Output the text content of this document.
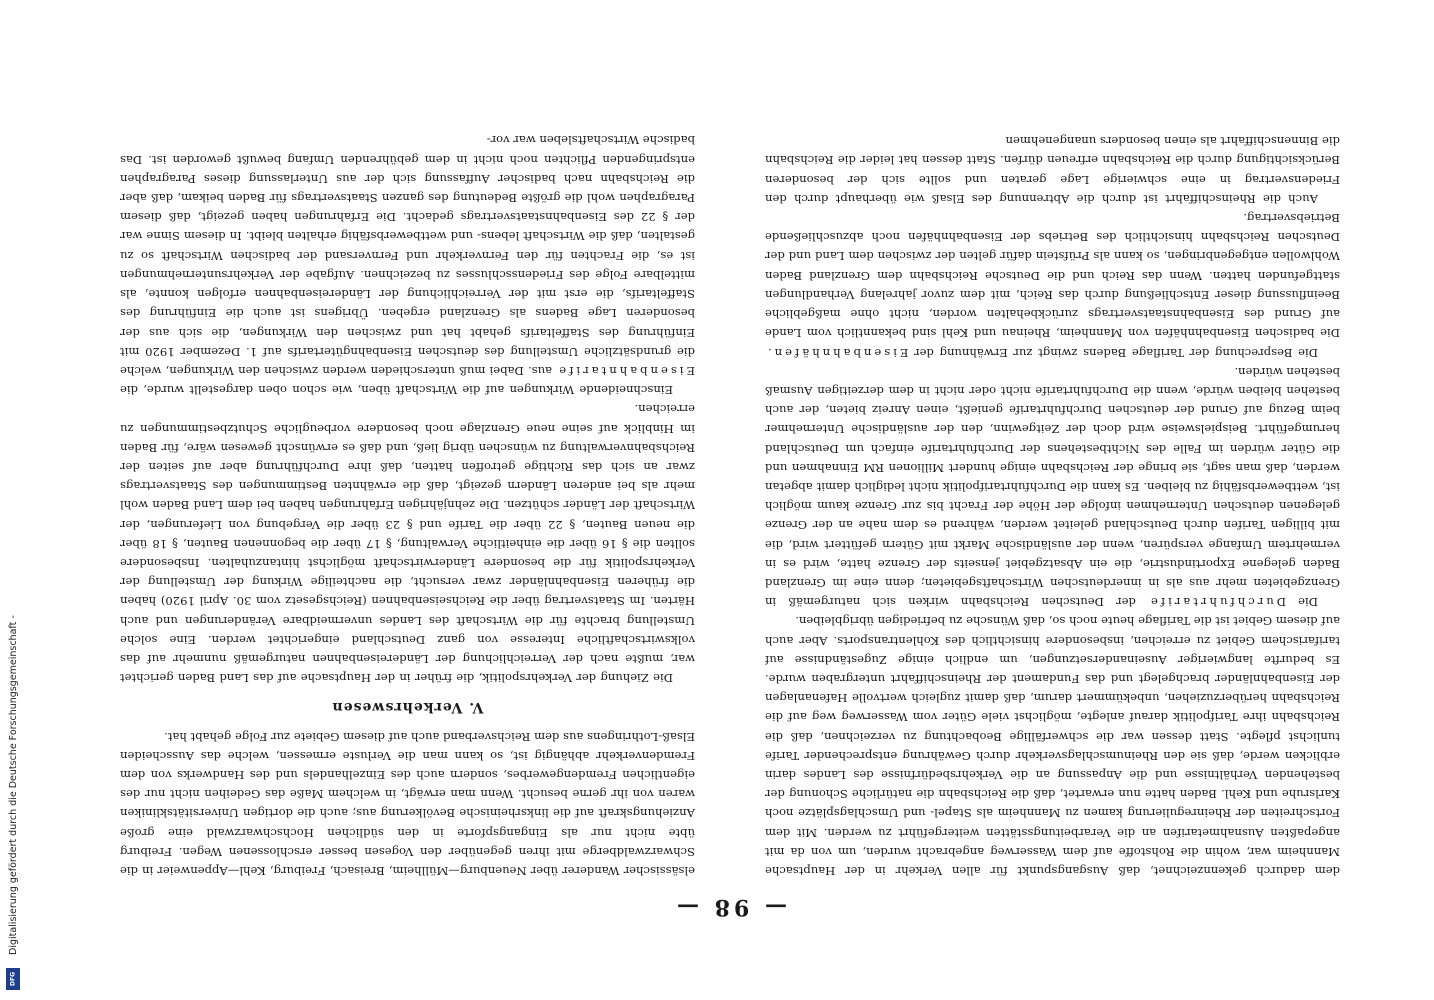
— 98 —

dem dadurch gekennzeichnet, daß Ausgangspunkt für allen Verkehr in der Hauptsache Mannheim war, wohin die Rohstoffe auf dem Wasserweg angebracht wurden, um von da mit angepaßten Ausnahmetarifen an die Verarbeitungsstätten weitergeführt zu werden. Mit dem Fortschreiten der Rheinregulierung kamen zu Mannheim als Stapel- und Umschlagsplätze noch Karlsruhe und Kehl. Baden hatte nun erwartet, daß die Reichsbahn die natürliche Schonung der bestehenden Verhältnisse und die Anpassung an die Verkehrsbedürfnisse des Landes darin erblicken werde, daß sie den Rheinumschlagsverkehr durch Gewährung entsprechender Tarife tunlichst pflegte. Statt dessen war die schwerfällige Beobachtung zu verzeichnen, daß die Reichsbahn ihre Tarifpolitik darauf anlegte, möglichst viele Güter vom Wasserweg weg auf die Reichsbahn herüberzuziehen, unbekümmert darum, daß damit zugleich wertvolle Hafenanlagen der Eisenbahnländer brachgelegt und das Fundament der Rheinschiffahrt untergraben wurde. Es bedurfte langwieriger Auseinandersetzungen, um endlich einige Zugeständnisse auf tarifarischem Gebiet zu erreichen, insbesondere hinsichtlich des Kohlentransports. Aber auch auf diesem Gebiet ist die Tariflage heute noch so, daß Wünsche zu befriedigen übrigbleiben.

Die Durchfuhrtarife der Deutschen Reichsbahn wirken sich naturgemäß in Grenzgebieten mehr aus als in innerdeutschen Wirtschaftsgebieten; denn eine im Grenzland Baden gelegene Exportindustrie, die ein Absatzgebiet jenseits der Grenze hatte, wird es in vermehrtem Umfange verspüren, wenn der ausländische Markt mit Gütern gefüttert wird, die mit billigen Tarifen durch Deutschland geleitet werden, während es dem nahe an der Grenze gelegenen deutschen Unternehmen infolge der Höhe der Fracht bis zur Grenze kaum möglich ist, wettbewerbsfähig zu bleiben. Es kann die Durchfuhrtarifpolitik nicht lediglich damit abgetan werden, daß man sagt, sie bringe der Reichsbahn einige hundert Millionen RM Einnahmen und die Güter würden im Falle des Nichtbestehens der Durchfuhrtarife einfach um Deutschland herumgeführt. Beispielsweise wird doch der Zeitgewinn, den der ausländische Unternehmer beim Bezug auf Grund der deutschen Durchfuhrtarife genießt, einen Anreiz bieten, der auch bestehen bleiben würde, wenn die Durchfuhrtarife nicht oder nicht in dem derzeitigen Ausmaß bestehen würden.

Die Besprechung der Tariflage Badens zwingt zur Erwähnung der Eisenbahnhäfen. Die badischen Eisenbahnhäfen von Mannheim, Rheinau und Kehl sind bekanntlich vom Lande auf Grund des Eisenbahnstaatsvertrags zurückbehalten worden, nicht ohne maßgebliche Beeinflussung dieser Entschließung durch das Reich, mit dem zuvor jahrelang Verhandlungen stattgefunden hatten. Wenn das Reich und die Deutsche Reichsbahn dem Grenzland Baden Wohlwollen entgegenbringen, so kann als Prüfstein dafür gelten der zwischen dem Land und der Deutschen Reichsbahn hinsichtlich des Betriebs der Eisenbahnhäfen noch abzuschließende Betriebsvertrag.

Auch die Rheinschiffahrt ist durch die Abtrennung des Elsaß wie überhaupt durch den Friedensvertrag in eine schwierige Lage geraten und sollte sich der besonderen Berücksichtigung durch die Reichsbahn erfreuen dürfen. Statt dessen hat leider die Reichsbahn die Binnenschiffahrt als einen besonders unangenehmen

elsässischer Wanderer über Neuenburg—Müllheim, Breisach, Freiburg, Kehl—Appenweier in die Schwarzwaldberge mit ihren gegenüber den Vogesen besser erschlossenen Wegen. Freiburg übte nicht nur als Eingangspforte in den südlichen Hochschwarzwald eine große Anziehungskraft auf die linksrheinische Bevölkerung aus; auch die dortigen Universitätskliniken waren von ihr gerne besucht. Wenn man erwägt, in welchem Maße das Gedeihen nicht nur des eigentlichen Fremdengewerbes, sondern auch des Einzelhandels und des Handwerks von dem Fremdenverkehr abhängig ist, so kann man die Verluste ermessen, welche das Ausscheiden Elsaß-Lothringens aus dem Reichsverband auch auf diesem Gebiete zur Folge gehabt hat.

V. Verkehrswesen

Die Ziehung der Verkehrspolitik, die früher in der Hauptsache auf das Land Baden gerichtet war, mußte nach der Verreichlichung der Ländereisenbahnen naturgemäß nunmehr auf das volkswirtschaftliche Interesse von ganz Deutschland eingerichtet werden. Eine solche Umstellung brachte für die Wirtschaft des Landes unvermeidbare Veränderungen und auch Härten. Im Staatsvertrag über die Reichseisenbahnen (Reichsgesetz vom 30. April 1920) haben die früheren Eisenbahnländer zwar versucht, die nachteilige Wirkung der Umstellung der Verkehrspolitik für die besondere Länderwirtschaft möglichst hintanzuhalten. Insbesondere sollten die § 16 über die einheitliche Verwaltung, § 17 über die begonnenen Bauten, § 18 über die neuen Bauten, § 22 über die Tarife und § 23 über die Vergebung von Lieferungen, der Wirtschaft der Länder schützen. Die zehnjährigen Erfahrungen haben bei dem Land Baden wohl mehr als bei anderen Ländern gezeigt, daß die erwähnten Bestimmungen des Staatsvertrags zwar an sich das Richtige getroffen hatten, daß ihre Durchführung aber auf seiten der Reichsbahnverwaltung zu wünschen übrig ließ, und daß es erwünscht gewesen wäre, für Baden im Hinblick auf seine neue Grenzlage noch besondere vorbeugliche Schutzbestimmungen zu erreichen.

Einschneidende Wirkungen auf die Wirtschaft üben, wie schon oben dargestellt wurde, die Eisenbahntarife aus. Dabei muß unterschieden werden zwischen den Wirkungen, welche die grundsätzliche Umstellung des deutschen Eisenbahngütertarifs auf 1. Dezember 1920 mit Einführung des Staffeltarifs gehabt hat und zwischen den Wirkungen, die sich aus der besonderen Lage Badens als Grenzland ergeben. Übrigens ist auch die Einführung des Staffeltarifs, die erst mit der Verreichlichung der Ländereisenbahnen erfolgen konnte, als mittelbare Folge des Friedensschlusses zu bezeichnen. Aufgabe der Verkehrsunternehmungen ist es, die Frachten für den Fernverkehr und Fernversand der badischen Wirtschaft so zu gestalten, daß die Wirtschaft lebens- und wettbewerbsfähig erhalten bleibt. In diesem Sinne war der § 22 des Eisenbahnstaatsvertrags gedacht. Die Erfahrungen haben gezeigt, daß diesem Paragraphen wohl die größte Bedeutung des ganzen Staatsvertrags für Baden beikam, daß aber die Reichsbahn nach badischer Auffassung sich der aus Unterlassung dieses Paragraphen entspringenden Pflichten noch nicht in dem gebührenden Umfang bewußt geworden ist. Das badische Wirtschaftsleben war vor-

Digitalisierung gefördert durch die Deutsche Forschungsgemeinschaft -
DFG
